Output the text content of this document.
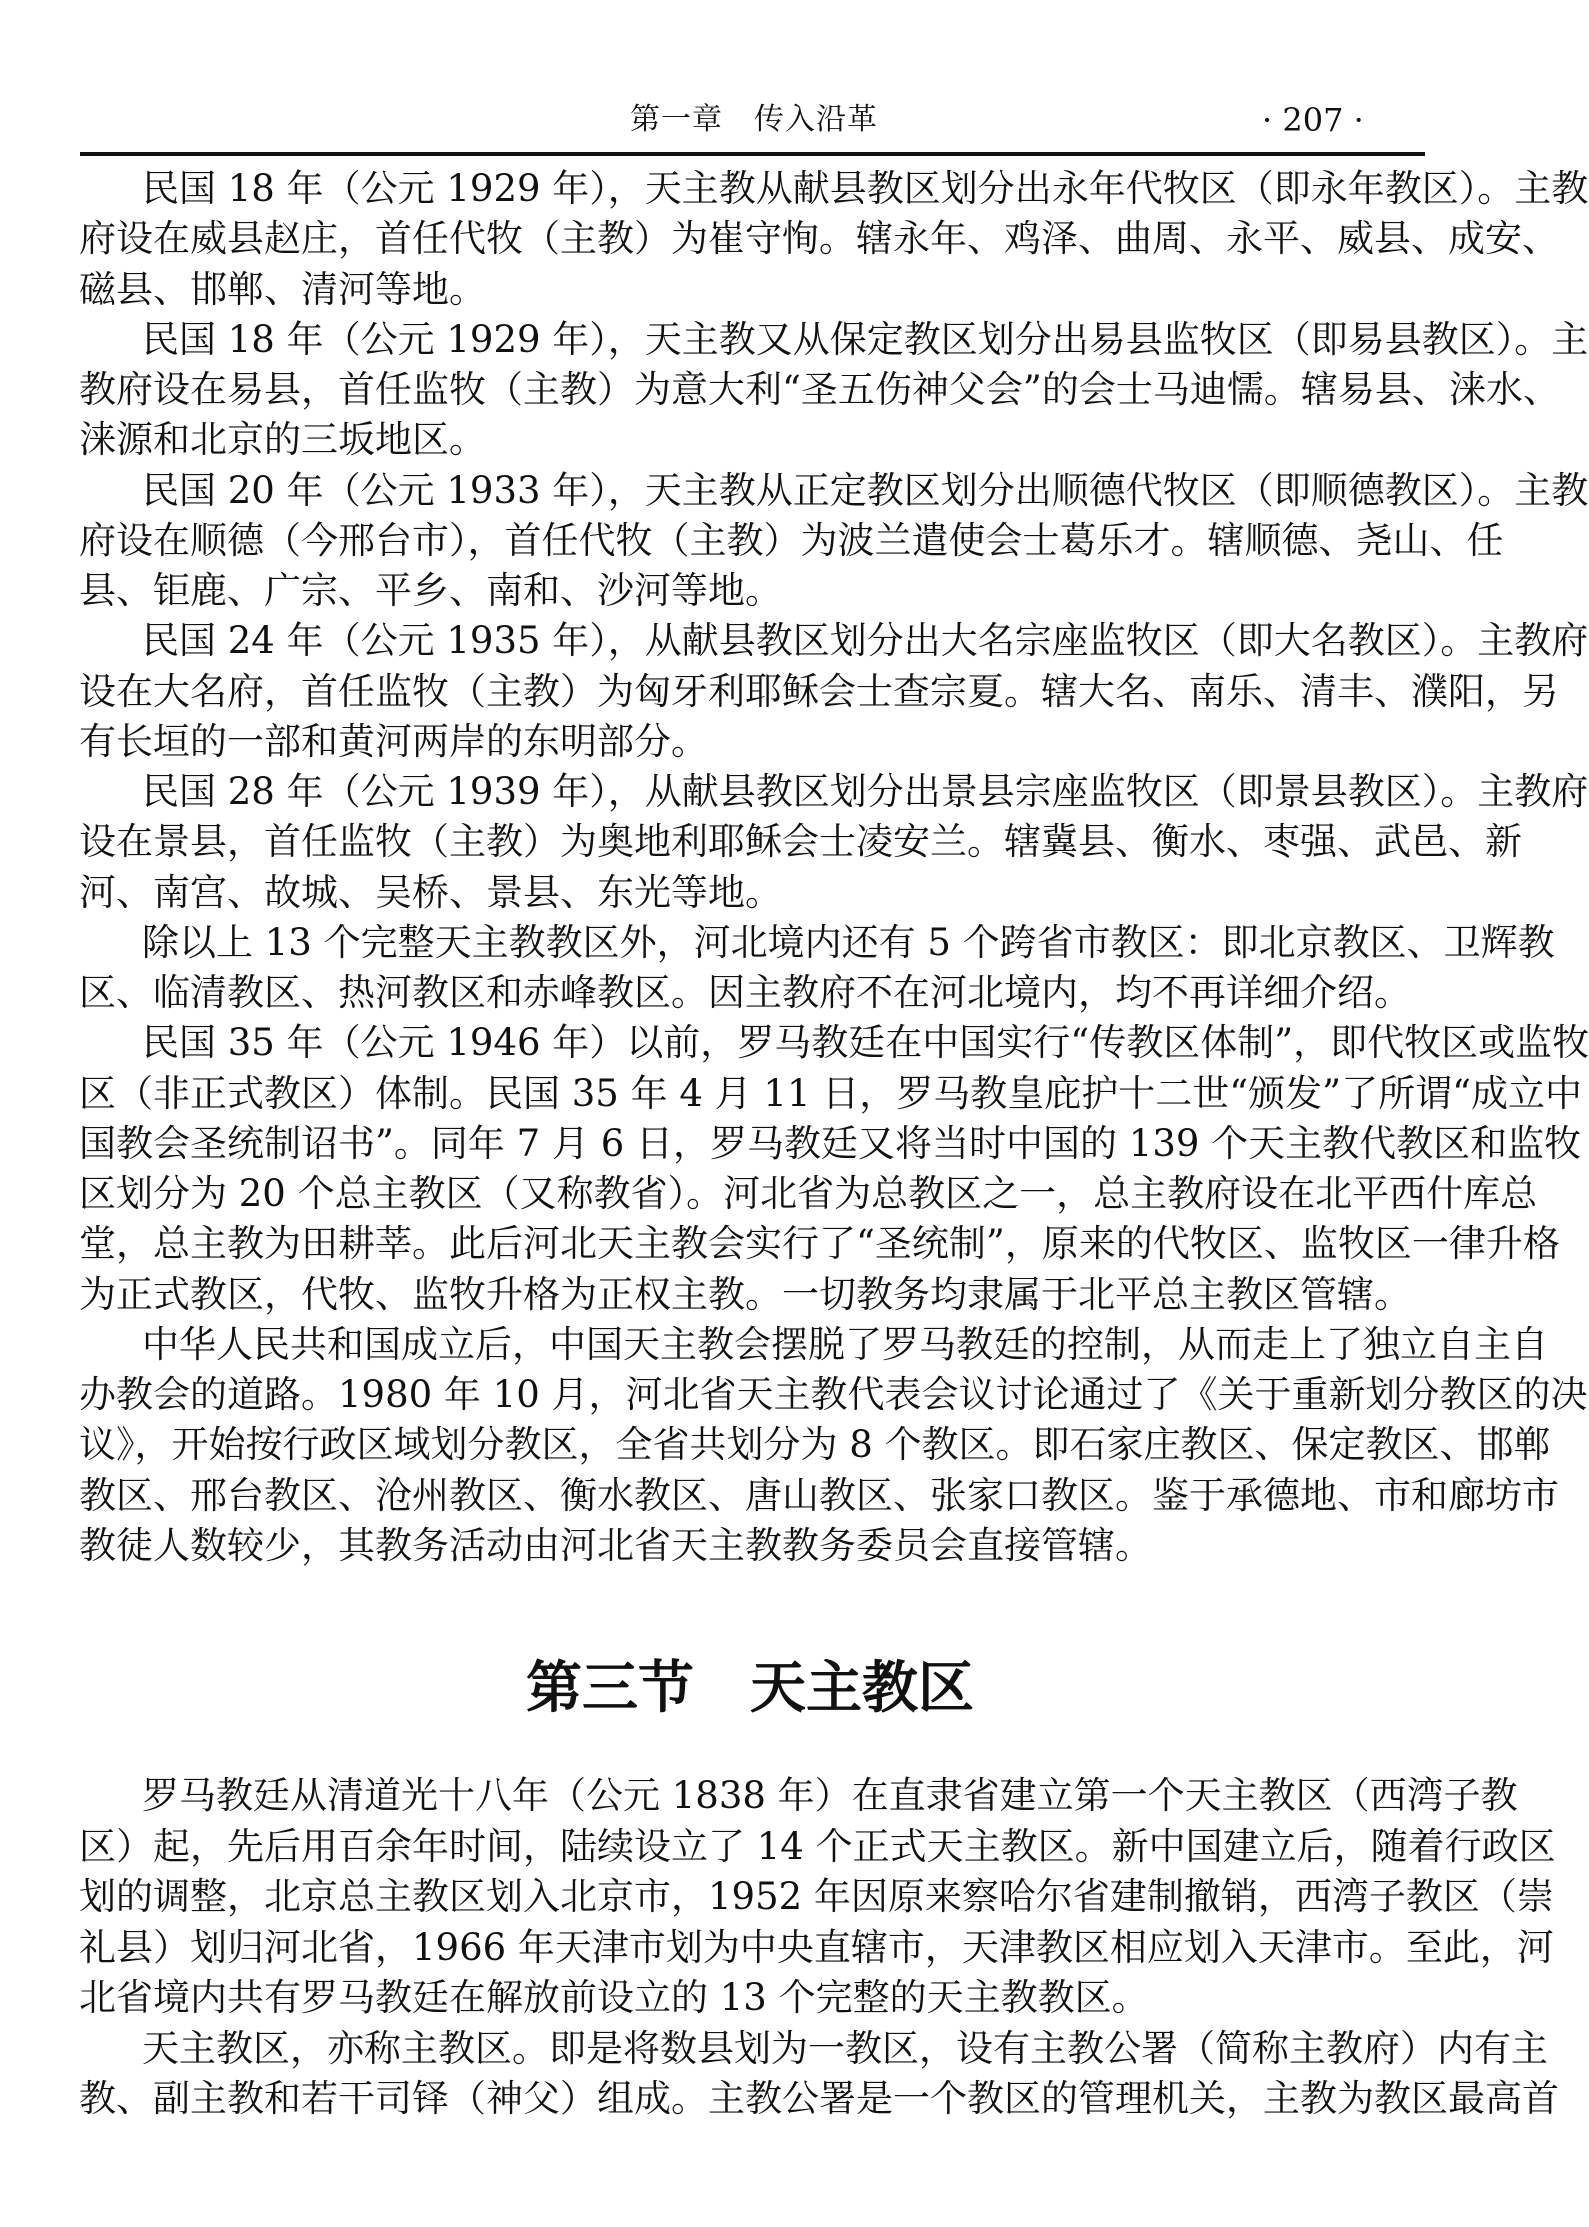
第一章　传入沿革	· 207 ·
民国 18 年（公元 1929 年），天主教从献县教区划分出永年代牧区（即永年教区）。主教
府设在威县赵庄，首任代牧（主教）为崔守恂。辖永年、鸡泽、曲周、永平、威县、成安、
磁县、邯郸、清河等地。
民国 18 年（公元 1929 年），天主教又从保定教区划分出易县监牧区（即易县教区）。主
教府设在易县，首任监牧（主教）为意大利“圣五伤神父会”的会士马迪懦。辖易县、涞水、
涞源和北京的三坂地区。
民国 20 年（公元 1933 年），天主教从正定教区划分出顺德代牧区（即顺德教区）。主教
府设在顺德（今邢台市），首任代牧（主教）为波兰遣使会士葛乐才。辖顺德、尧山、任
县、钜鹿、广宗、平乡、南和、沙河等地。
民国 24 年（公元 1935 年），从献县教区划分出大名宗座监牧区（即大名教区）。主教府
设在大名府，首任监牧（主教）为匈牙利耶稣会士查宗夏。辖大名、南乐、清丰、濮阳，另
有长垣的一部和黄河两岸的东明部分。
民国 28 年（公元 1939 年），从献县教区划分出景县宗座监牧区（即景县教区）。主教府
设在景县，首任监牧（主教）为奥地利耶稣会士凌安兰。辖冀县、衡水、枣强、武邑、新
河、南宫、故城、吴桥、景县、东光等地。
除以上 13 个完整天主教教区外，河北境内还有 5 个跨省市教区：即北京教区、卫辉教
区、临清教区、热河教区和赤峰教区。因主教府不在河北境内，均不再详细介绍。
民国 35 年（公元 1946 年）以前，罗马教廷在中国实行“传教区体制”，即代牧区或监牧
区（非正式教区）体制。民国 35 年 4 月 11 日，罗马教皇庇护十二世“颁发”了所谓“成立中
国教会圣统制诏书”。同年 7 月 6 日，罗马教廷又将当时中国的 139 个天主教代教区和监牧
区划分为 20 个总主教区（又称教省）。河北省为总教区之一，总主教府设在北平西什库总
堂，总主教为田耕莘。此后河北天主教会实行了“圣统制”，原来的代牧区、监牧区一律升格
为正式教区，代牧、监牧升格为正权主教。一切教务均隶属于北平总主教区管辖。
中华人民共和国成立后，中国天主教会摆脱了罗马教廷的控制，从而走上了独立自主自
办教会的道路。1980 年 10 月，河北省天主教代表会议讨论通过了《关于重新划分教区的决
议》，开始按行政区域划分教区，全省共划分为 8 个教区。即石家庄教区、保定教区、邯郸
教区、邢台教区、沧州教区、衡水教区、唐山教区、张家口教区。鉴于承德地、市和廊坊市
教徒人数较少，其教务活动由河北省天主教教务委员会直接管辖。
第三节　天主教区
罗马教廷从清道光十八年（公元 1838 年）在直隶省建立第一个天主教区（西湾子教
区）起，先后用百余年时间，陆续设立了 14 个正式天主教区。新中国建立后，随着行政区
划的调整，北京总主教区划入北京市，1952 年因原来察哈尔省建制撤销，西湾子教区（崇
礼县）划归河北省，1966 年天津市划为中央直辖市，天津教区相应划入天津市。至此，河
北省境内共有罗马教廷在解放前设立的 13 个完整的天主教教区。
天主教区，亦称主教区。即是将数县划为一教区，设有主教公署（简称主教府）内有主
教、副主教和若干司铎（神父）组成。主教公署是一个教区的管理机关，主教为教区最高首
